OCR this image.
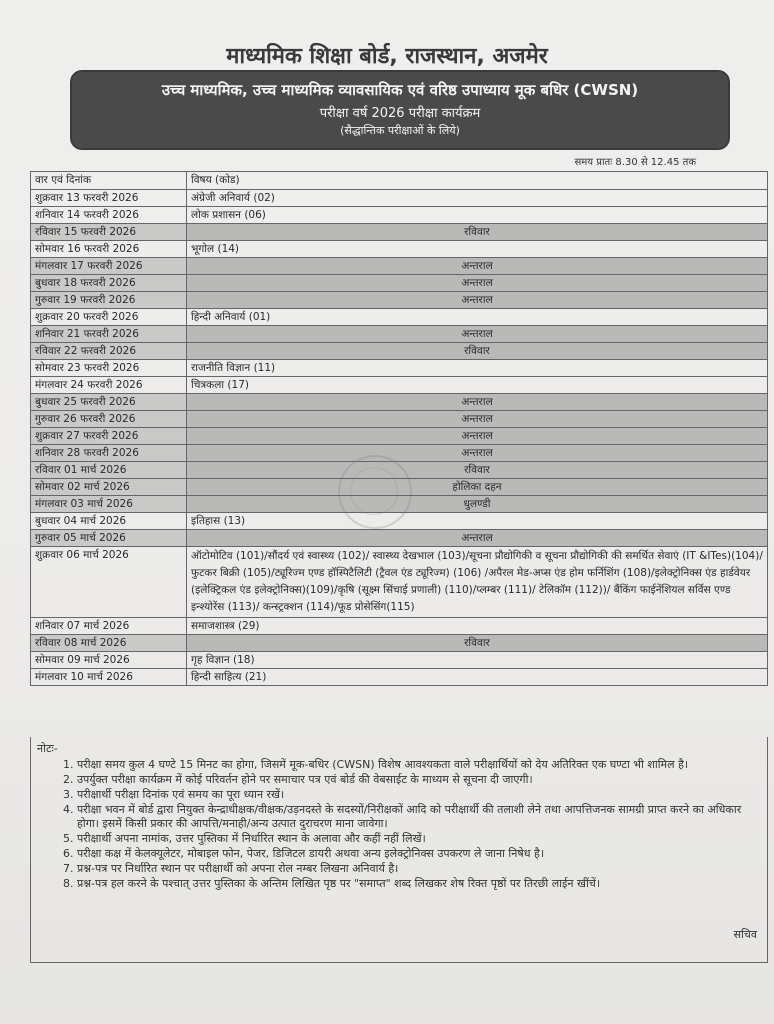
माध्यमिक शिक्षा बोर्ड, राजस्थान, अजमेर
उच्च माध्यमिक, उच्च माध्यमिक व्यावसायिक एवं वरिष्ठ उपाध्याय मूक बधिर (CWSN)
परीक्षा वर्ष 2026 परीक्षा कार्यक्रम
(सैद्धान्तिक परीक्षाओं के लिये)
समय प्रातः 8.30 से 12.45 तक
वार एवं दिनांक	विषय (कोड)
शुक्रवार 13 फरवरी 2026	अंग्रेजी अनिवार्य (02)
शनिवार 14 फरवरी 2026	लोक प्रशासन (06)
रविवार 15 फरवरी 2026	रविवार
सोमवार 16 फरवरी 2026	भूगोल (14)
मंगलवार 17 फरवरी 2026	अन्तराल
बुधवार 18 फरवरी 2026	अन्तराल
गुरुवार 19 फरवरी 2026	अन्तराल
शुक्रवार 20 फरवरी 2026	हिन्दी अनिवार्य (01)
शनिवार 21 फरवरी 2026	अन्तराल
रविवार 22 फरवरी 2026	रविवार
सोमवार 23 फरवरी 2026	राजनीति विज्ञान (11)
मंगलवार 24 फरवरी 2026	चित्रकला (17)
बुधवार 25 फरवरी 2026	अन्तराल
गुरुवार 26 फरवरी 2026	अन्तराल
शुक्रवार 27 फरवरी 2026	अन्तराल
शनिवार 28 फरवरी 2026	अन्तराल
रविवार 01 मार्च 2026	रविवार
सोमवार 02 मार्च 2026	होलिका दहन
मंगलवार 03 मार्च 2026	धुलण्डी
बुधवार 04 मार्च 2026	इतिहास (13)
गुरुवार 05 मार्च 2026	अन्तराल
शुक्रवार 06 मार्च 2026	ऑटोमोटिव (101)/सौंदर्य एवं स्वास्थ्य (102)/ स्वास्थ्य देखभाल (103)/सूचना प्रौद्योगिकी व सूचना प्रौद्योगिकी की समर्थित सेवाएं (IT &ITes)(104)/फुटकर बिक्री (105)/ट्यूरिज्म एण्ड हॉस्पिटैलिटी (ट्रैवल एंड ट्यूरिज्म) (106) /अपैरल मेड-अप्स एंड होम फर्निशिंग (108)/इलेक्ट्रोनिक्स एंड हार्डवेयर (इलेक्ट्रिकल एंड इलेक्ट्रोनिक्स)(109)/कृषि (सूक्ष्म सिंचाई प्रणाली) (110)/प्लम्बर (111)/ टेलिकॉम (112))/ बैंकिंग फाईनेंशियल सर्विस एण्ड इन्श्योरेंस (113)/ कन्स्ट्रक्शन (114)/फूड प्रोसेसिंग(115)
शनिवार 07 मार्च 2026	समाजशास्त्र (29)
रविवार 08 मार्च 2026	रविवार
सोमवार 09 मार्च 2026	गृह विज्ञान (18)
मंगलवार 10 मार्च 2026	हिन्दी साहित्य (21)
नोटः-
1. परीक्षा समय कुल 4 घण्टे 15 मिनट का होगा, जिसमें मूक-बधिर (CWSN) विशेष आवश्यकता वाले परीक्षार्थियों को देय अतिरिक्त एक घण्टा भी शामिल है।
2. उपर्युक्त परीक्षा कार्यक्रम में कोई परिवर्तन होने पर समाचार पत्र एवं बोर्ड की वेबसाईट के माध्यम से सूचना दी जाएगी।
3. परीक्षार्थी परीक्षा दिनांक एवं समय का पूरा ध्यान रखें।
4. परीक्षा भवन में बोर्ड द्वारा नियुक्त केन्द्राधीक्षक/वीक्षक/उड़नदस्ते के सदस्यों/निरीक्षकों आदि को परीक्षार्थी की तलाशी लेने तथा आपत्तिजनक सामग्री प्राप्त करने का अधिकार होगा। इसमें किसी प्रकार की आपत्ति/मनाही/अन्य उत्पात दुराचरण माना जावेगा।
5. परीक्षार्थी अपना नामांक, उत्तर पुस्तिका में निर्धारित स्थान के अलावा और कहीं नहीं लिखें।
6. परीक्षा कक्ष में केलक्यूलेटर, मोबाइल फोन, पेजर, डिजिटल डायरी अथवा अन्य इलेक्ट्रोनिक्स उपकरण ले जाना निषेध है।
7. प्रश्न-पत्र पर निर्धारित स्थान पर परीक्षार्थी को अपना रोल नम्बर लिखना अनिवार्य है।
8. प्रश्न-पत्र हल करने के पश्चात् उत्तर पुस्तिका के अन्तिम लिखित पृष्ठ पर "समाप्त" शब्द लिखकर शेष रिक्त पृष्ठों पर तिरछी लाईन खींचें।
सचिव
